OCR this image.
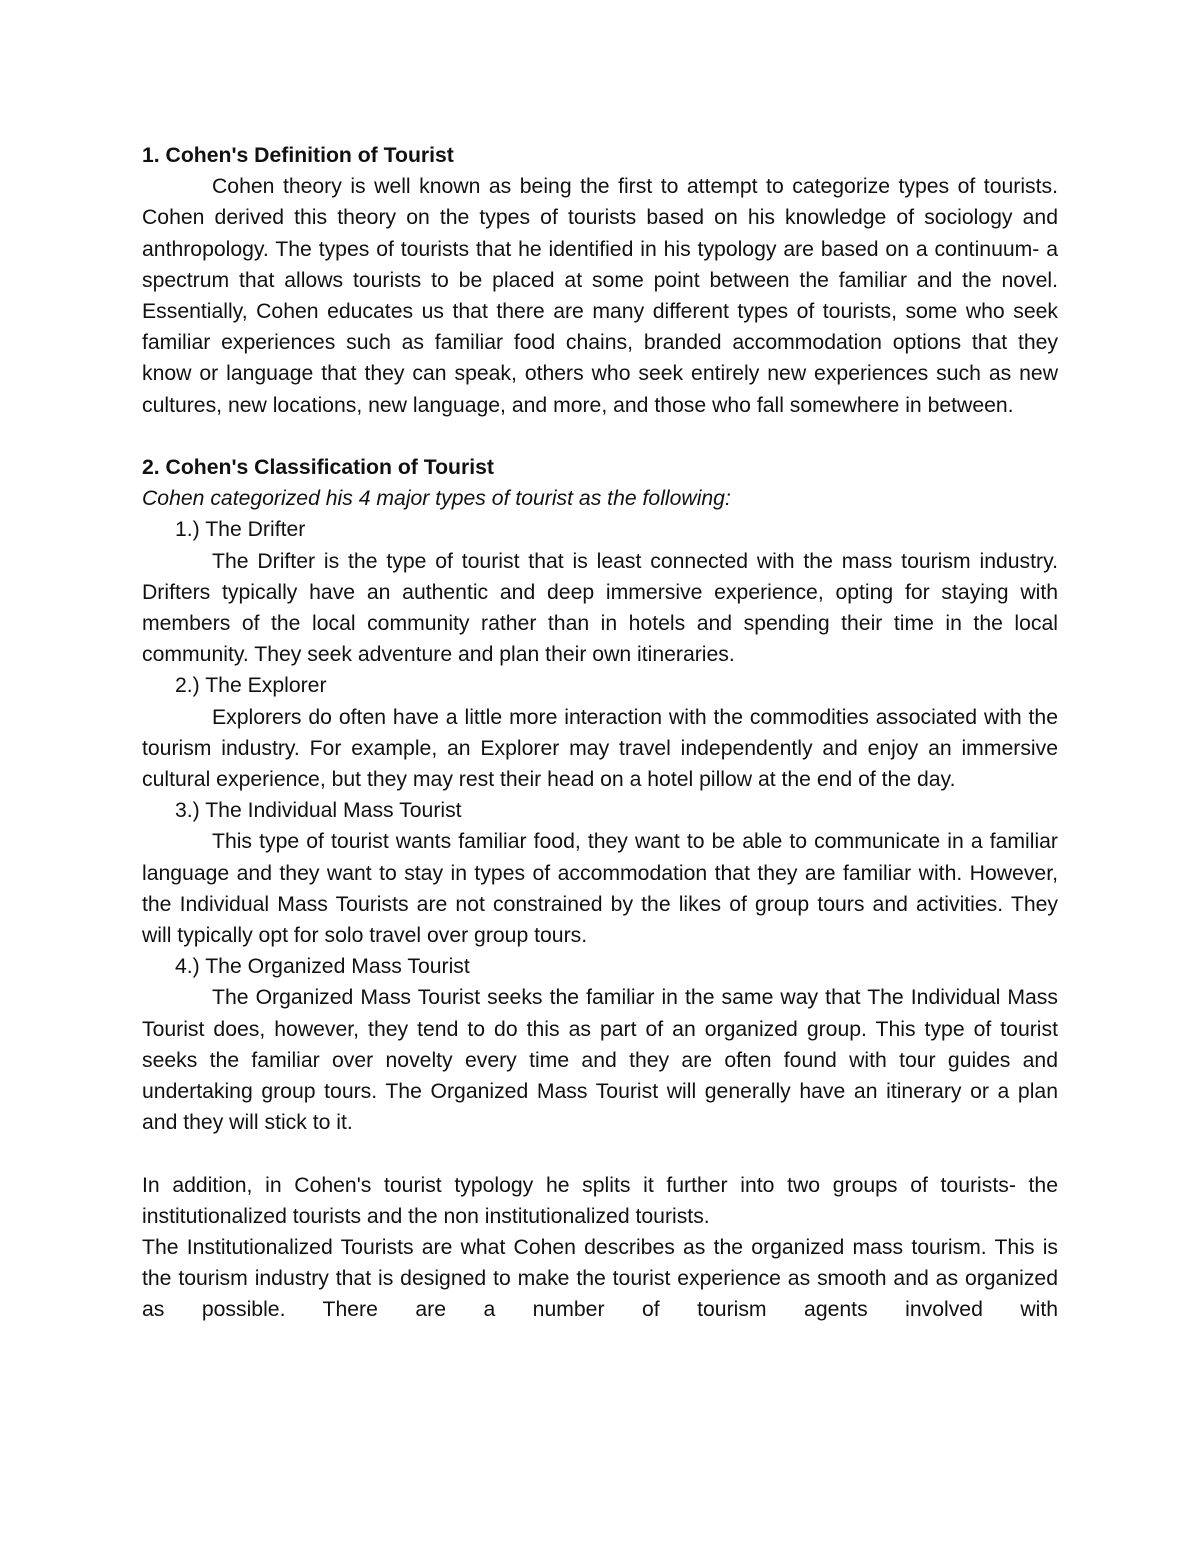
1. Cohen's Definition of Tourist

Cohen theory is well known as being the first to attempt to categorize types of tourists. Cohen derived this theory on the types of tourists based on his knowledge of sociology and anthropology. The types of tourists that he identified in his typology are based on a continuum- a spectrum that allows tourists to be placed at some point between the familiar and the novel. Essentially, Cohen educates us that there are many different types of tourists, some who seek familiar experiences such as familiar food chains, branded accommodation options that they know or language that they can speak, others who seek entirely new experiences such as new cultures, new locations, new language, and more, and those who fall somewhere in between.

2. Cohen's Classification of Tourist

Cohen categorized his 4 major types of tourist as the following:

1.) The Drifter

The Drifter is the type of tourist that is least connected with the mass tourism industry. Drifters typically have an authentic and deep immersive experience, opting for staying with members of the local community rather than in hotels and spending their time in the local community. They seek adventure and plan their own itineraries.

2.) The Explorer

Explorers do often have a little more interaction with the commodities associated with the tourism industry. For example, an Explorer may travel independently and enjoy an immersive cultural experience, but they may rest their head on a hotel pillow at the end of the day.

3.) The Individual Mass Tourist

This type of tourist wants familiar food, they want to be able to communicate in a familiar language and they want to stay in types of accommodation that they are familiar with. However, the Individual Mass Tourists are not constrained by the likes of group tours and activities. They will typically opt for solo travel over group tours.

4.) The Organized Mass Tourist

The Organized Mass Tourist seeks the familiar in the same way that The Individual Mass Tourist does, however, they tend to do this as part of an organized group. This type of tourist seeks the familiar over novelty every time and they are often found with tour guides and undertaking group tours. The Organized Mass Tourist will generally have an itinerary or a plan and they will stick to it.

In addition, in Cohen's tourist typology he splits it further into two groups of tourists- the institutionalized tourists and the non institutionalized tourists.

The Institutionalized Tourists are what Cohen describes as the organized mass tourism. This is the tourism industry that is designed to make the tourist experience as smooth and as organized as possible. There are a number of tourism agents involved with
